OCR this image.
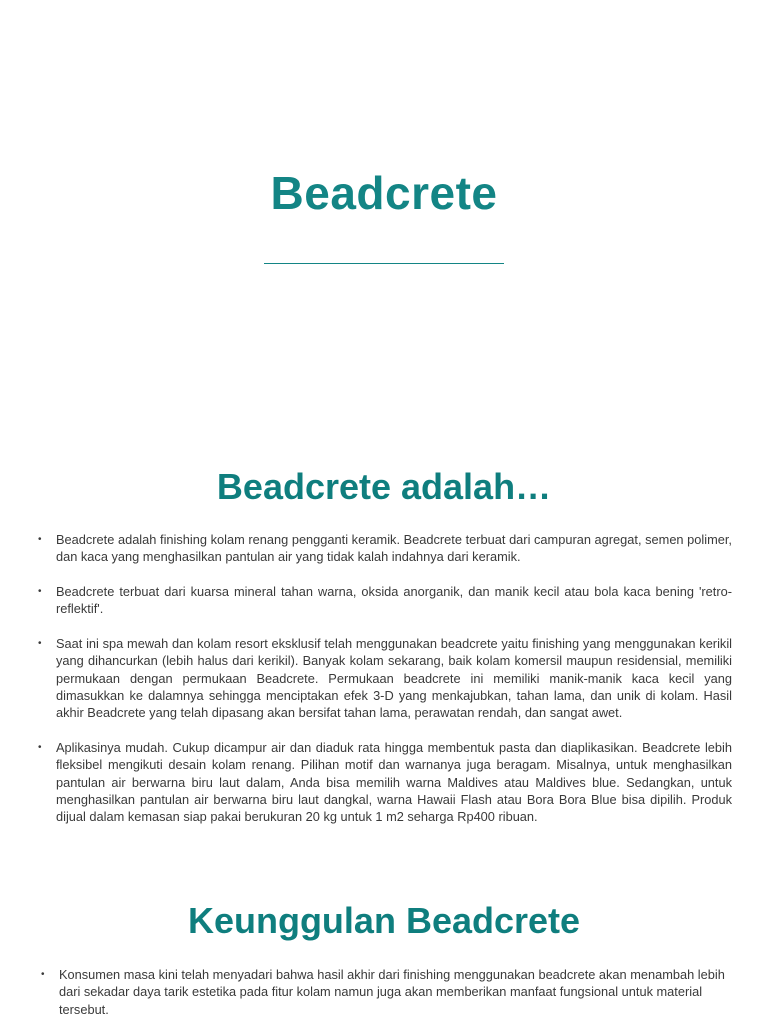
Beadcrete
Beadcrete adalah…
• Beadcrete adalah finishing kolam renang pengganti keramik. Beadcrete terbuat dari campuran agregat, semen polimer, dan kaca yang menghasilkan pantulan air yang tidak kalah indahnya dari keramik.
• Beadcrete terbuat dari kuarsa mineral tahan warna, oksida anorganik, dan manik kecil atau bola kaca bening 'retro-reflektif'.
• Saat ini spa mewah dan kolam resort eksklusif telah menggunakan beadcrete yaitu finishing yang menggunakan kerikil yang dihancurkan (lebih halus dari kerikil). Banyak kolam sekarang, baik kolam komersil maupun residensial, memiliki permukaan dengan permukaan Beadcrete. Permukaan beadcrete ini memiliki manik-manik kaca kecil yang dimasukkan ke dalamnya sehingga menciptakan efek 3-D yang menkajubkan, tahan lama, dan unik di kolam. Hasil akhir Beadcrete yang telah dipasang akan bersifat tahan lama, perawatan rendah, dan sangat awet.
• Aplikasinya mudah. Cukup dicampur air dan diaduk rata hingga membentuk pasta dan diaplikasikan. Beadcrete lebih fleksibel mengikuti desain kolam renang. Pilihan motif dan warnanya juga beragam. Misalnya, untuk menghasilkan pantulan air berwarna biru laut dalam, Anda bisa memilih warna Maldives atau Maldives blue. Sedangkan, untuk menghasilkan pantulan air berwarna biru laut dangkal, warna Hawaii Flash atau Bora Bora Blue bisa dipilih. Produk dijual dalam kemasan siap pakai berukuran 20 kg untuk 1 m2 seharga Rp400 ribuan.
Keunggulan Beadcrete
• Konsumen masa kini telah menyadari bahwa hasil akhir dari finishing menggunakan beadcrete akan menambah lebih dari sekadar daya tarik estetika pada fitur kolam namun juga akan memberikan manfaat fungsional untuk material tersebut.
